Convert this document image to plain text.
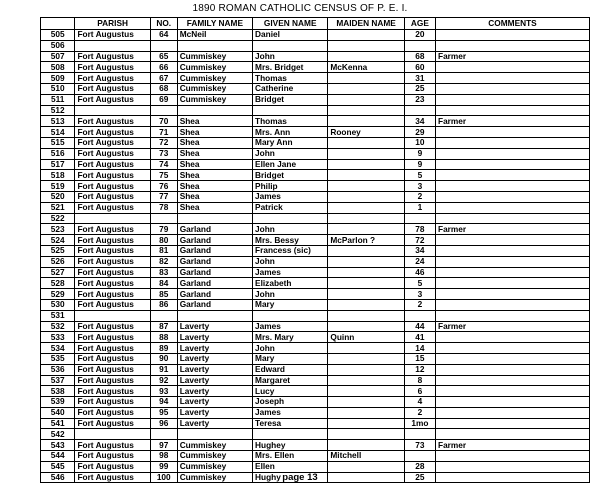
1890 ROMAN CATHOLIC CENSUS OF P. E. I.
	PARISH	NO.	FAMILY NAME	GIVEN NAME	MAIDEN NAME	AGE	COMMENTS
505	Fort Augustus	64	McNeil	Daniel		20	
506							
507	Fort Augustus	65	Cummiskey	John		68	Farmer
508	Fort Augustus	66	Cummiskey	Mrs. Bridget	McKenna	60	
509	Fort Augustus	67	Cummiskey	Thomas		31	
510	Fort Augustus	68	Cummiskey	Catherine		25	
511	Fort Augustus	69	Cummiskey	Bridget		23	
512							
513	Fort Augustus	70	Shea	Thomas		34	Farmer
514	Fort Augustus	71	Shea	Mrs. Ann	Rooney	29	
515	Fort Augustus	72	Shea	Mary Ann		10	
516	Fort Augustus	73	Shea	John		9	
517	Fort Augustus	74	Shea	Ellen Jane		9	
518	Fort Augustus	75	Shea	Bridget		5	
519	Fort Augustus	76	Shea	Philip		3	
520	Fort Augustus	77	Shea	James		2	
521	Fort Augustus	78	Shea	Patrick		1	
522							
523	Fort Augustus	79	Garland	John		78	Farmer
524	Fort Augustus	80	Garland	Mrs. Bessy	McParlon ?	72	
525	Fort Augustus	81	Garland	Francess (sic)		34	
526	Fort Augustus	82	Garland	John		24	
527	Fort Augustus	83	Garland	James		46	
528	Fort Augustus	84	Garland	Elizabeth		5	
529	Fort Augustus	85	Garland	John		3	
530	Fort Augustus	86	Garland	Mary		2	
531							
532	Fort Augustus	87	Laverty	James		44	Farmer
533	Fort Augustus	88	Laverty	Mrs. Mary	Quinn	41	
534	Fort Augustus	89	Laverty	John		14	
535	Fort Augustus	90	Laverty	Mary		15	
536	Fort Augustus	91	Laverty	Edward		12	
537	Fort Augustus	92	Laverty	Margaret		8	
538	Fort Augustus	93	Laverty	Lucy		6	
539	Fort Augustus	94	Laverty	Joseph		4	
540	Fort Augustus	95	Laverty	James		2	
541	Fort Augustus	96	Laverty	Teresa		1mo	
542							
543	Fort Augustus	97	Cummiskey	Hughey		73	Farmer
544	Fort Augustus	98	Cummiskey	Mrs. Ellen	Mitchell		
545	Fort Augustus	99	Cummiskey	Ellen		28	
546	Fort Augustus	100	Cummiskey	Hughy		25	
page 13
